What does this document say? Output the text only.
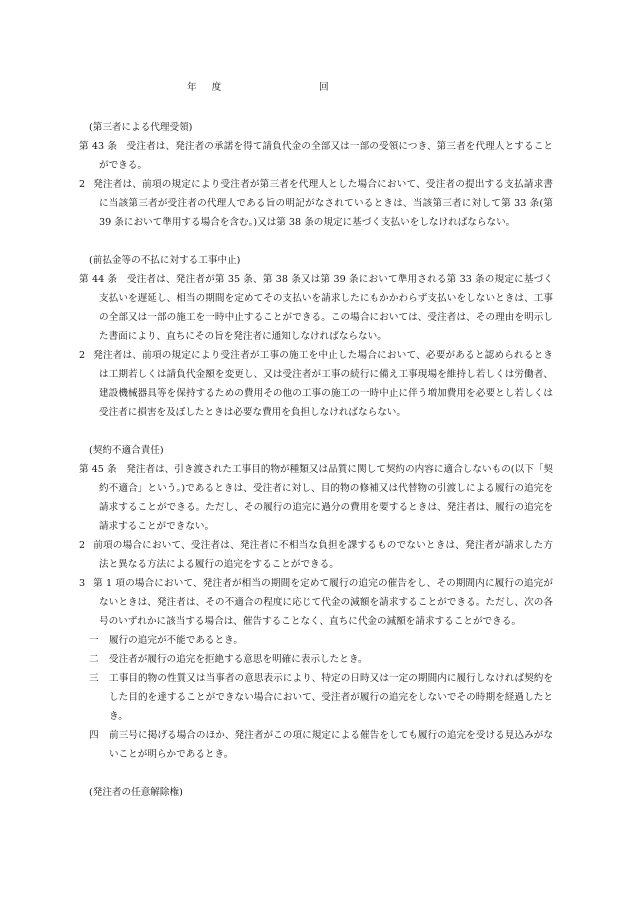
年 度	回
(第三者による代理受領)
第 43 条　 受注者は、発注者の承諾を得て請負代金の全部又は一部の受領につき、第三者を代理人とすることができる。
2 発注者は、前項の規定により受注者が第三者を代理人とした場合において、受注者の提出する支払請求書に当該第三者が受注者の代理人である旨の明記がなされているときは、当該第三者に対して第 33 条(第 39 条において準用する場合を含む。)又は第 38 条の規定に基づく支払いをしなければならない。
(前払金等の不払に対する工事中止)
第 44 条　 受注者は、発注者が第 35 条、第 38 条又は第 39 条において準用される第 33 条の規定に基づく支払いを遅延し、相当の期間を定めてその支払いを請求したにもかかわらず支払いをしないときは、工事の全部又は一部の施工を一時中止することができる。この場合においては、受注者は、その理由を明示した書面により、直ちにその旨を発注者に通知しなければならない。
2 発注者は、前項の規定により受注者が工事の施工を中止した場合において、必要があると認められるときは工期若しくは請負代金額を変更し、又は受注者が工事の続行に備え工事現場を維持し若しくは労働者、建設機械器具等を保持するための費用その他の工事の施工の一時中止に伴う増加費用を必要とし若しくは受注者に損害を及ぼしたときは必要な費用を負担しなければならない。
(契約不適合責任)
第 45 条　 発注者は、引き渡された工事目的物が種類又は品質に関して契約の内容に適合しないもの(以下「契約不適合」という。)であるときは、受注者に対し、目的物の修補又は代替物の引渡しによる履行の追完を請求することができる。ただし、その履行の追完に過分の費用を要するときは、発注者は、履行の追完を請求することができない。
2 前項の場合において、受注者は、発注者に不相当な負担を課するものでないときは、発注者が請求した方法と異なる方法による履行の追完をすることができる。
3 第 1 項の場合において、発注者が相当の期間を定めて履行の追完の催告をし、その期間内に履行の追完がないときは、発注者は、その不適合の程度に応じて代金の減額を請求することができる。ただし、次の各号のいずれかに該当する場合は、催告することなく、直ちに代金の減額を請求することができる。
一 履行の追完が不能であるとき。
二 受注者が履行の追完を拒絶する意思を明確に表示したとき。
三 工事目的物の性質又は当事者の意思表示により、特定の日時又は一定の期間内に履行しなければ契約をした目的を達することができない場合において、受注者が履行の追完をしないでその時期を経過したとき。
四 前三号に掲げる場合のほか、発注者がこの項に規定による催告をしても履行の追完を受ける見込みがないことが明らかであるとき。
(発注者の任意解除権)
